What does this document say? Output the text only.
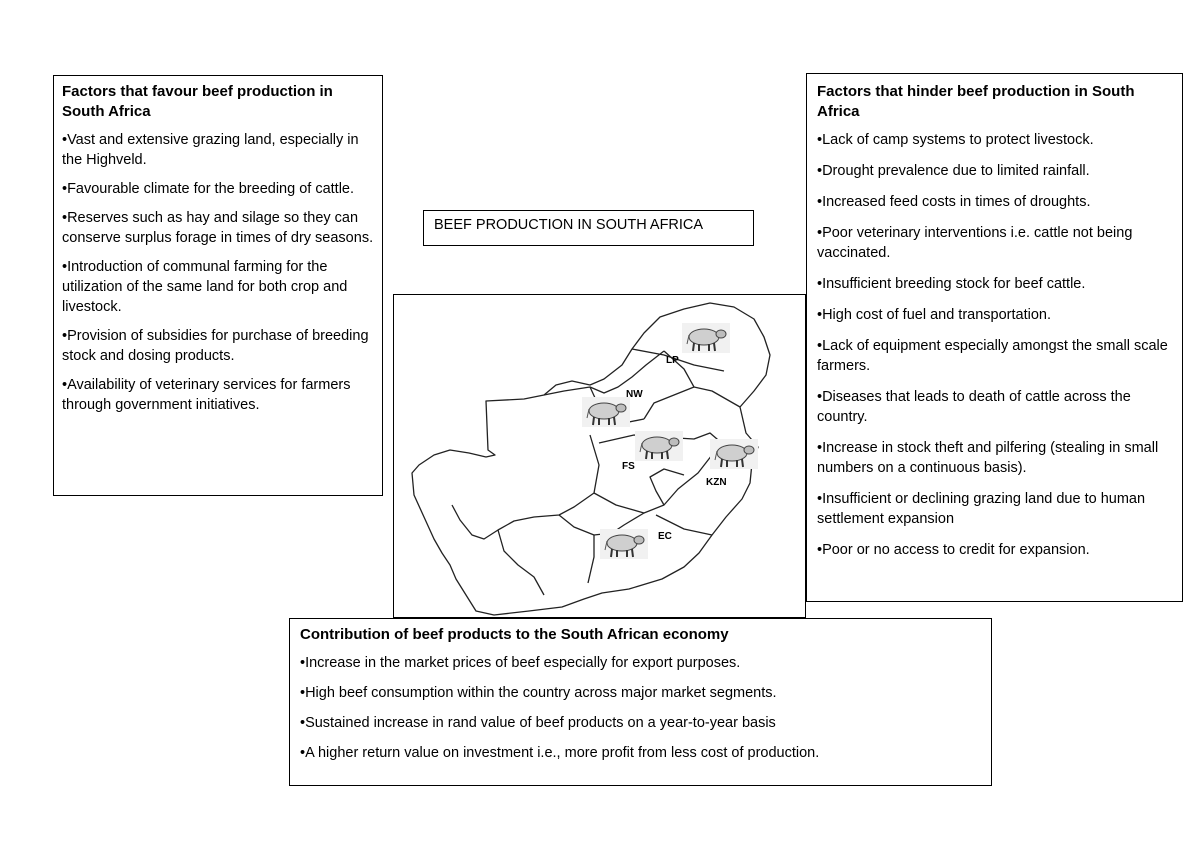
Factors that favour beef production in South Africa

•Vast and extensive grazing land, especially in the Highveld.

•Favourable climate for the breeding of cattle.

•Reserves such as hay and silage so they can conserve surplus forage in times of dry seasons.

•Introduction of communal farming for the utilization of the same land for both crop and livestock.

•Provision of subsidies for purchase of breeding stock and dosing products.

•Availability of veterinary services for farmers through government initiatives.

BEEF PRODUCTION IN SOUTH AFRICA
Factors that hinder beef production in South Africa

•Lack of camp systems to protect livestock.

•Drought prevalence due to limited rainfall.

•Increased feed costs in times of droughts.

•Poor veterinary interventions i.e. cattle not being vaccinated.

•Insufficient breeding stock for beef cattle.

•High cost of fuel and transportation.

•Lack of equipment especially amongst the small scale farmers.

•Diseases that leads to death of cattle across the country.

•Increase in stock theft and pilfering (stealing in small numbers on a continuous basis).

•Insufficient or declining grazing land due to human settlement expansion

•Poor or no access to credit for expansion.

LP
NW
FS
KZN
EC
Contribution of beef products to the South African economy

•Increase in the market prices of beef especially for export purposes.

•High beef consumption within the country across major market segments.

•Sustained increase in rand value of beef products on a year-to-year basis

•A higher return value on investment i.e., more profit from less cost of production.
